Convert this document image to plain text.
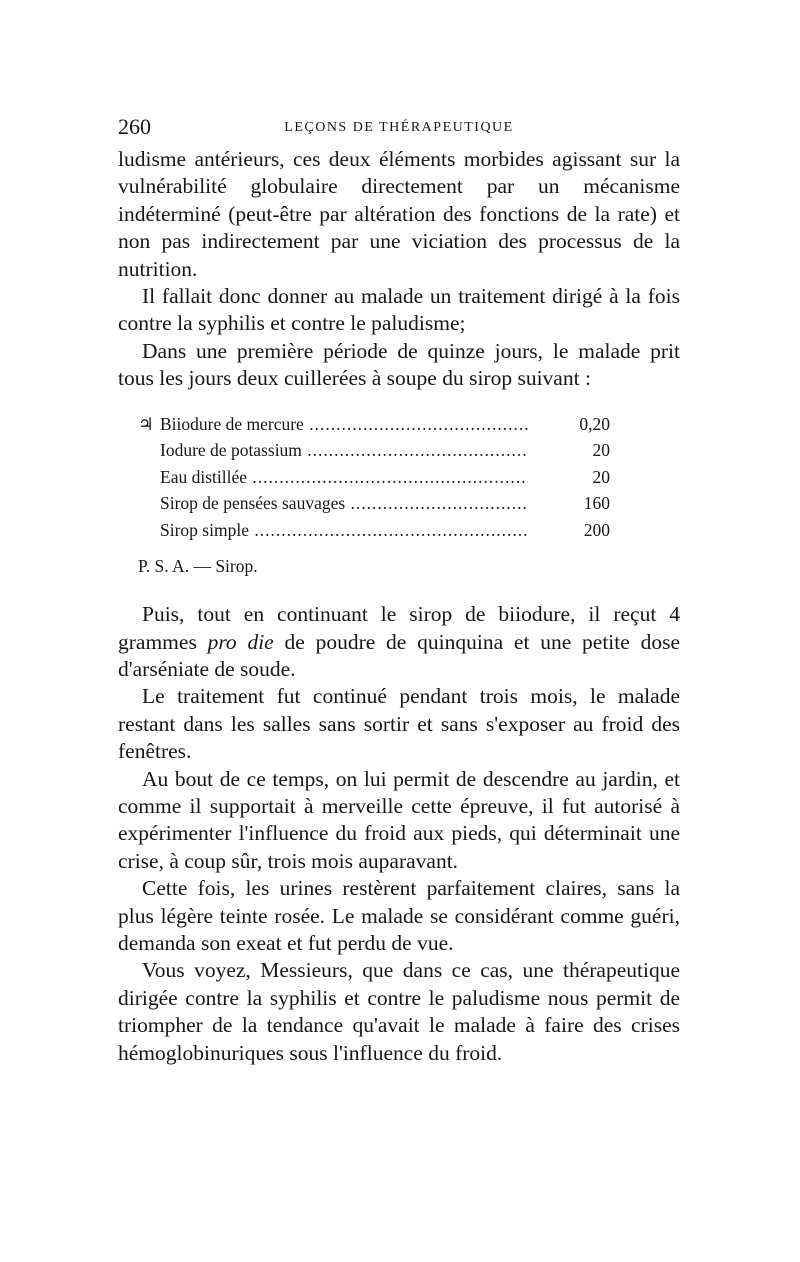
260	LEÇONS DE THÉRAPEUTIQUE

ludisme antérieurs, ces deux éléments morbides agissant sur la vulnérabilité globulaire directement par un mécanisme indéterminé (peut-être par altération des fonctions de la rate) et non pas indirectement par une viciation des processus de la nutrition.

Il fallait donc donner au malade un traitement dirigé à la fois contre la syphilis et contre le paludisme;

Dans une première période de quinze jours, le malade prit tous les jours deux cuillerées à soupe du sirop suivant :

♃ Biiodure de mercure .....	0,20
Iodure de potassium .....	20
Eau distillée .....	20
Sirop de pensées sauvages .....	160
Sirop simple .....	200
P. S. A. — Sirop.

Puis, tout en continuant le sirop de biiodure, il reçut 4 grammes pro die de poudre de quinquina et une petite dose d'arséniate de soude.

Le traitement fut continué pendant trois mois, le malade restant dans les salles sans sortir et sans s'exposer au froid des fenêtres.

Au bout de ce temps, on lui permit de descendre au jardin, et comme il supportait à merveille cette épreuve, il fut autorisé à expérimenter l'influence du froid aux pieds, qui déterminait une crise, à coup sûr, trois mois auparavant.

Cette fois, les urines restèrent parfaitement claires, sans la plus légère teinte rosée. Le malade se considérant comme guéri, demanda son exeat et fut perdu de vue.

Vous voyez, Messieurs, que dans ce cas, une thérapeutique dirigée contre la syphilis et contre le paludisme nous permit de triompher de la tendance qu'avait le malade à faire des crises hémoglobinuriques sous l'influence du froid.
